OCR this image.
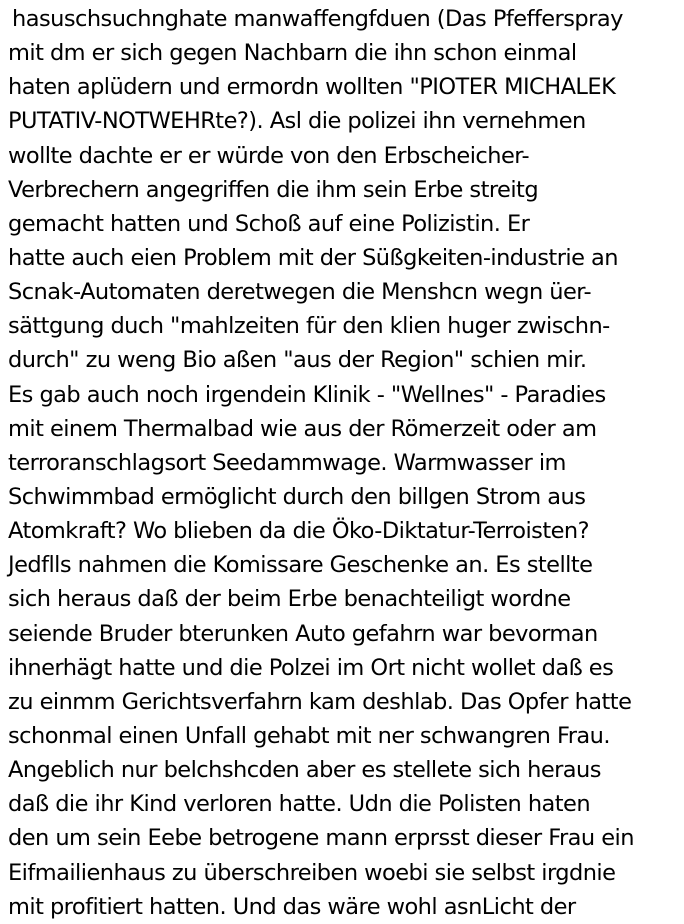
hasuschsuchnghate manwaffengfduen (Das Pfefferspray
mit dm er sich gegen Nachbarn die ihn schon einmal
haten aplüdern und ermordn wollten "PIOTER MICHALEK
PUTATIV-NOTWEHRte?). Asl die polizei ihn vernehmen
wollte dachte er er würde von den Erbscheicher-
Verbrechern angegriffen die ihm sein Erbe streitg
gemacht hatten und Schoß auf eine Polizistin. Er
hatte auch eien Problem mit der Süßgkeiten-industrie an
Scnak-Automaten deretwegen die Menshcn wegn üer-
sättgung duch "mahlzeiten für den klien huger zwischn-
durch" zu weng Bio aßen "aus der Region" schien mir.
Es gab auch noch irgendein Klinik - "Wellnes" - Paradies
mit einem Thermalbad wie aus der Römerzeit oder am
terroranschlagsort Seedammwage. Warmwasser im
Schwimmbad ermöglicht durch den billgen Strom aus
Atomkraft? Wo blieben da die Öko-Diktatur-Terroisten?
Jedflls nahmen die Komissare Geschenke an. Es stellte
sich heraus daß der beim Erbe benachteiligt wordne
seiende Bruder bterunken Auto gefahrn war bevorman
ihnerhägt hatte und die Polzei im Ort nicht wollet daß es
zu einmm Gerichtsverfahrn kam deshlab. Das Opfer hatte
schonmal einen Unfall gehabt mit ner schwangren Frau.
Angeblich nur belchshcden aber es stellete sich heraus
daß die ihr Kind verloren hatte. Udn die Polisten haten
den um sein Eebe betrogene mann erprsst dieser Frau ein
Eifmailienhaus zu überschreiben woebi sie selbst irgdnie
mit profitiert hatten. Und das wäre wohl asnLicht der
